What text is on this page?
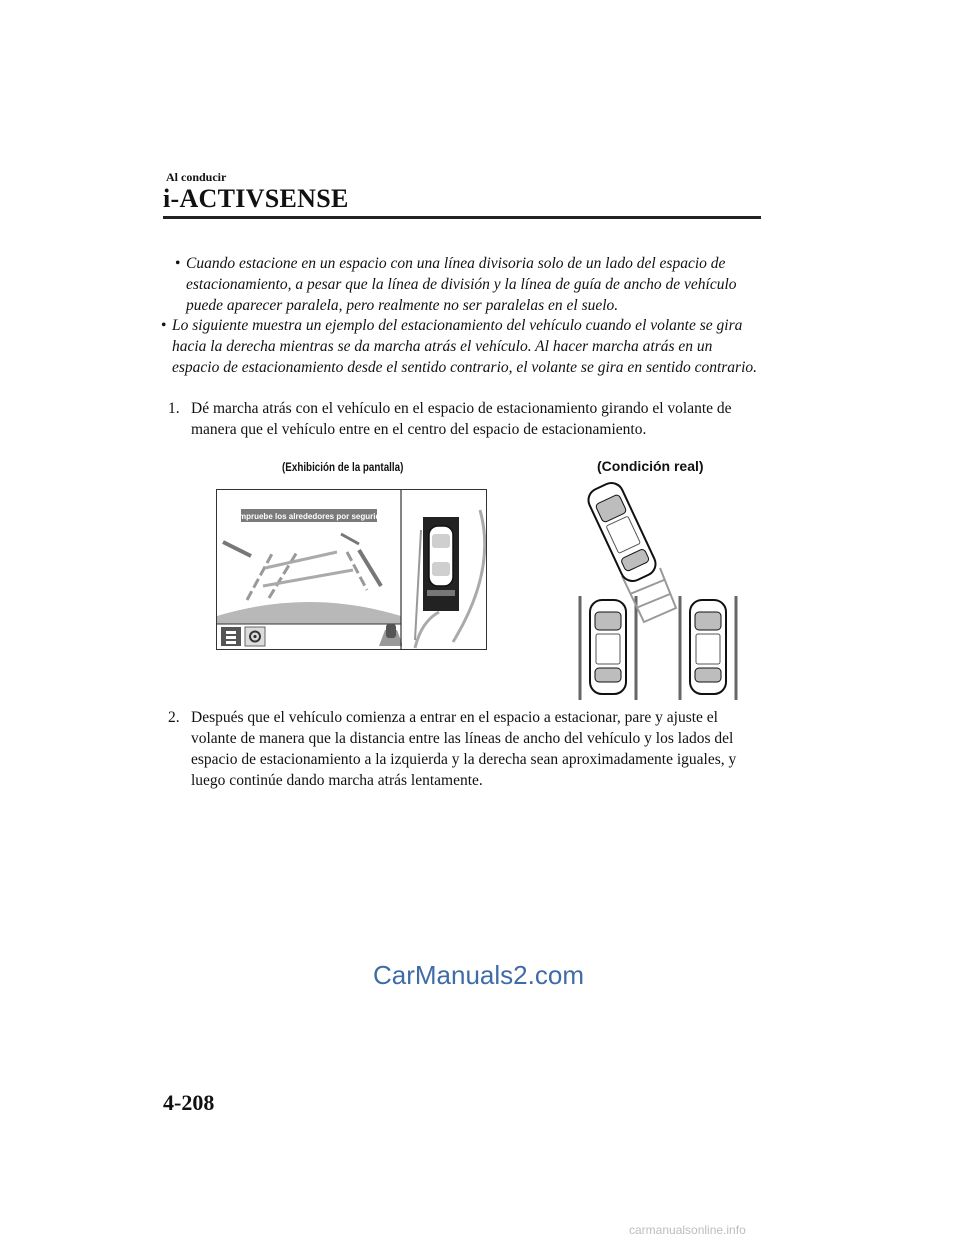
Al conducir
i-ACTIVSENSE
• Cuando estacione en un espacio con una línea divisoria solo de un lado del espacio de estacionamiento, a pesar que la línea de división y la línea de guía de ancho de vehículo puede aparecer paralela, pero realmente no ser paralelas en el suelo.
• Lo siguiente muestra un ejemplo del estacionamiento del vehículo cuando el volante se gira hacia la derecha mientras se da marcha atrás el vehículo. Al hacer marcha atrás en un espacio de estacionamiento desde el sentido contrario, el volante se gira en sentido contrario.
1. Dé marcha atrás con el vehículo en el espacio de estacionamiento girando el volante de manera que el vehículo entre en el centro del espacio de estacionamiento.
(Exhibición de la pantalla)	(Condición real)
Compruebe los alrededores por seguridad
2. Después que el vehículo comienza a entrar en el espacio a estacionar, pare y ajuste el volante de manera que la distancia entre las líneas de ancho del vehículo y los lados del espacio de estacionamiento a la izquierda y la derecha sean aproximadamente iguales, y luego continúe dando marcha atrás lentamente.
CarManuals2.com
4-208
carmanualsonline.info
